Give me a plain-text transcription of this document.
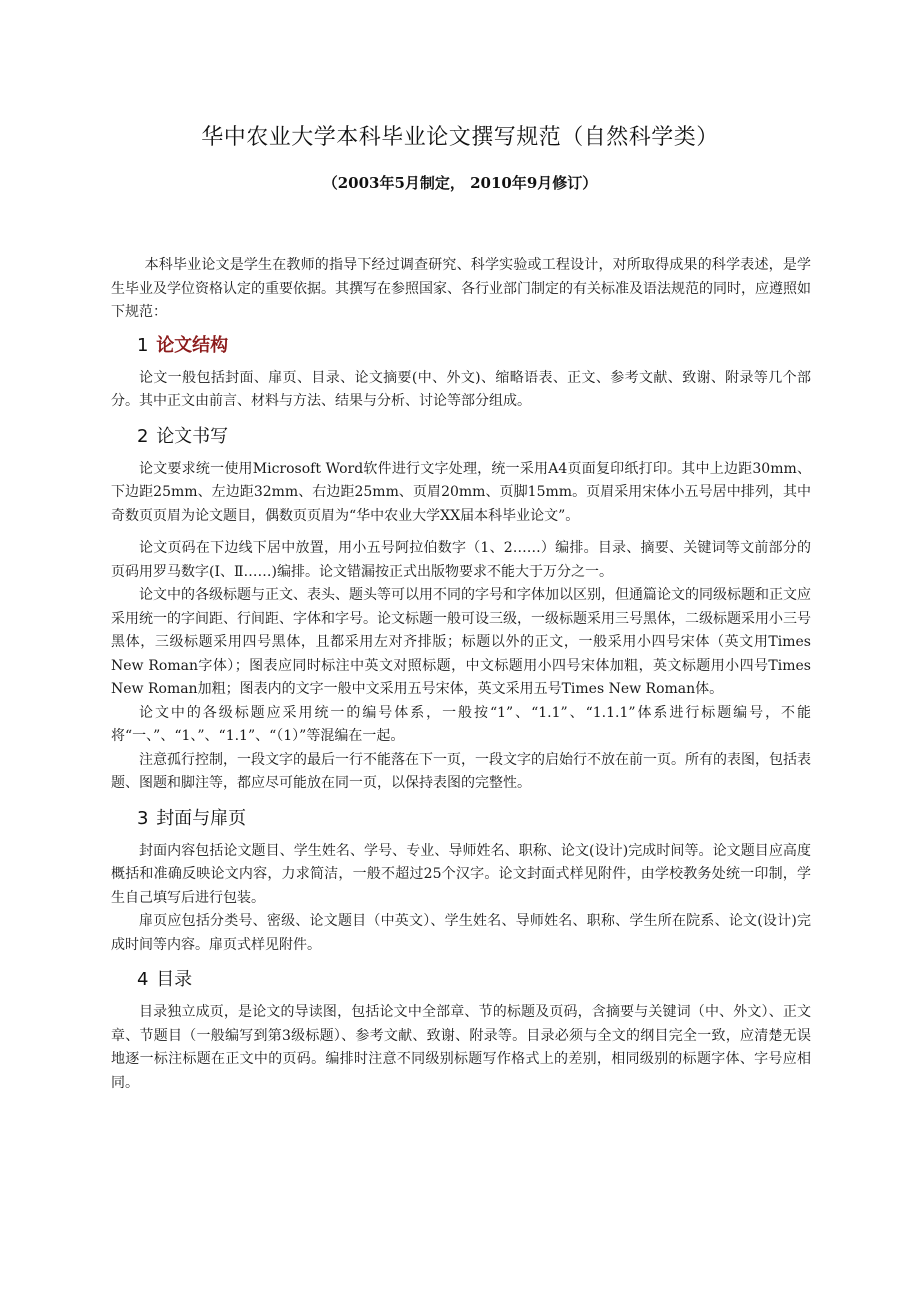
华中农业大学本科毕业论文撰写规范（自然科学类）
（2003年5月制定， 2010年9月修订）

本科毕业论文是学生在教师的指导下经过调查研究、科学实验或工程设计，对所取得成果的科学表述，是学生毕业及学位资格认定的重要依据。其撰写在参照国家、各行业部门制定的有关标准及语法规范的同时，应遵照如下规范：

1 论文结构

论文一般包括封面、扉页、目录、论文摘要(中、外文)、缩略语表、正文、参考文献、致谢、附录等几个部分。其中正文由前言、材料与方法、结果与分析、讨论等部分组成。

2 论文书写

论文要求统一使用Microsoft Word软件进行文字处理，统一采用A4页面复印纸打印。其中上边距30mm、下边距25mm、左边距32mm、右边距25mm、页眉20mm、页脚15mm。页眉采用宋体小五号居中排列，其中奇数页页眉为论文题目，偶数页页眉为“华中农业大学XX届本科毕业论文”。

论文页码在下边线下居中放置，用小五号阿拉伯数字（1、2……）编排。目录、摘要、关键词等文前部分的页码用罗马数字(Ⅰ、Ⅱ……)编排。论文错漏按正式出版物要求不能大于万分之一。

论文中的各级标题与正文、表头、题头等可以用不同的字号和字体加以区别，但通篇论文的同级标题和正文应采用统一的字间距、行间距、字体和字号。论文标题一般可设三级，一级标题采用三号黑体，二级标题采用小三号黑体，三级标题采用四号黑体，且都采用左对齐排版；标题以外的正文，一般采用小四号宋体（英文用Times New Roman字体）；图表应同时标注中英文对照标题，中文标题用小四号宋体加粗，英文标题用小四号Times New Roman加粗；图表内的文字一般中文采用五号宋体，英文采用五号Times New Roman体。

论文中的各级标题应采用统一的编号体系，一般按“1”、“1.1”、“1.1.1”体系进行标题编号，不能将“一、”、“1、”、“1.1”、“（1）”等混编在一起。

注意孤行控制，一段文字的最后一行不能落在下一页，一段文字的启始行不放在前一页。所有的表图，包括表题、图题和脚注等，都应尽可能放在同一页，以保持表图的完整性。

3 封面与扉页

封面内容包括论文题目、学生姓名、学号、专业、导师姓名、职称、论文(设计)完成时间等。论文题目应高度概括和准确反映论文内容，力求简洁，一般不超过25个汉字。论文封面式样见附件，由学校教务处统一印制，学生自己填写后进行包装。

扉页应包括分类号、密级、论文题目（中英文）、学生姓名、导师姓名、职称、学生所在院系、论文(设计)完成时间等内容。扉页式样见附件。

4 目录

目录独立成页，是论文的导读图，包括论文中全部章、节的标题及页码，含摘要与关键词（中、外文）、正文章、节题目（一般编写到第3级标题）、参考文献、致谢、附录等。目录必须与全文的纲目完全一致，应清楚无误地逐一标注标题在正文中的页码。编排时注意不同级别标题写作格式上的差别，相同级别的标题字体、字号应相同。
